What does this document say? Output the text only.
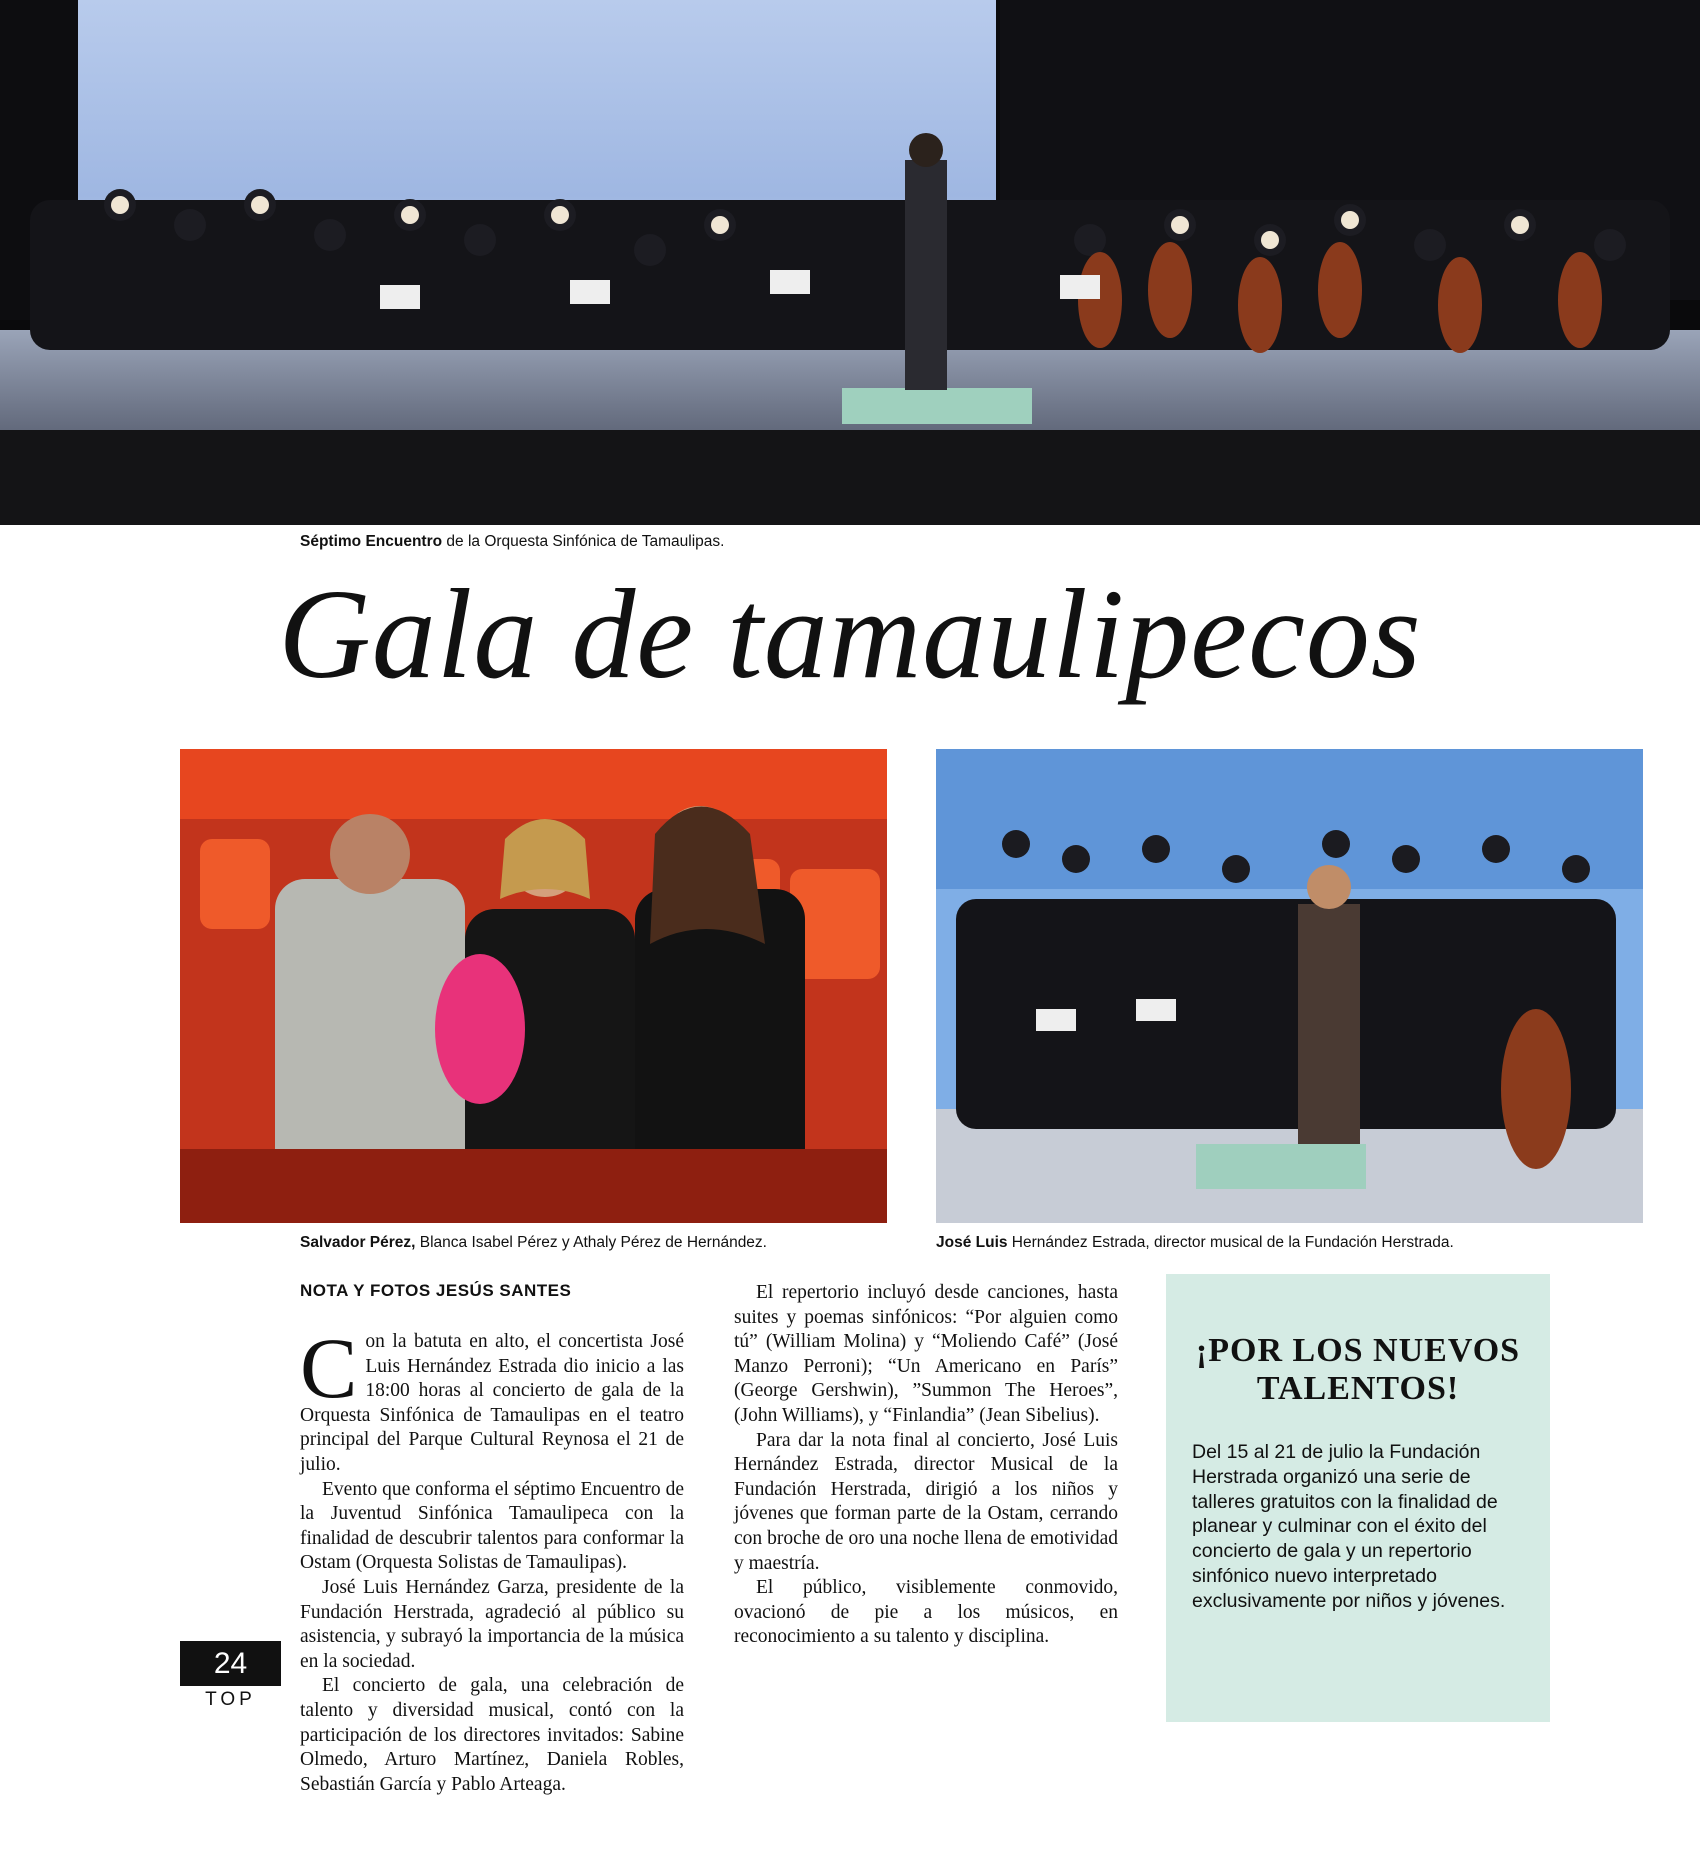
Séptimo Encuentro de la Orquesta Sinfónica de Tamaulipas.
Gala de tamaulipecos
Salvador Pérez, Blanca Isabel Pérez y Athaly Pérez de Hernández.	José Luis Hernández Estrada, director musical de la Fundación Herstrada.
NOTA Y FOTOS JESÚS SANTES

Con la batuta en alto, el concertista José Luis Hernández Estrada dio inicio a las 18:00 horas al concierto de gala de la Orquesta Sinfónica de Tamaulipas en el teatro principal del Parque Cultural Reynosa el 21 de julio.

Evento que conforma el séptimo Encuentro de la Juventud Sinfónica Tamaulipeca con la finalidad de descubrir talentos para conformar la Ostam (Orquesta Solistas de Tamaulipas).

José Luis Hernández Garza, presidente de la Fundación Herstrada, agradeció al público su asistencia, y subrayó la importancia de la música en la sociedad.

El concierto de gala, una celebración de talento y diversidad musical, contó con la participación de los directores invitados: Sabine Olmedo, Arturo Martínez, Daniela Robles, Sebastián García y Pablo Arteaga.

El repertorio incluyó desde canciones, hasta suites y poemas sinfónicos: “Por alguien como tú” (William Molina) y “Moliendo Café” (José Manzo Perroni); “Un Americano en París” (George Gershwin), ”Summon The Heroes”, (John Williams), y “Finlandia” (Jean Sibelius).

Para dar la nota final al concierto, José Luis Hernández Estrada, director Musical de la Fundación Herstrada, dirigió a los niños y jóvenes que forman parte de la Ostam, cerrando con broche de oro una noche llena de emotividad y maestría.

El público, visiblemente conmovido, ovacionó de pie a los músicos, en reconocimiento a su talento y disciplina.

¡POR LOS NUEVOS TALENTOS!
Del 15 al 21 de julio la Fundación Herstrada organizó una serie de talleres gratuitos con la finalidad de planear y culminar con el éxito del concierto de gala y un repertorio sinfónico nuevo interpretado exclusivamente por niños y jóvenes.
24
TOP
